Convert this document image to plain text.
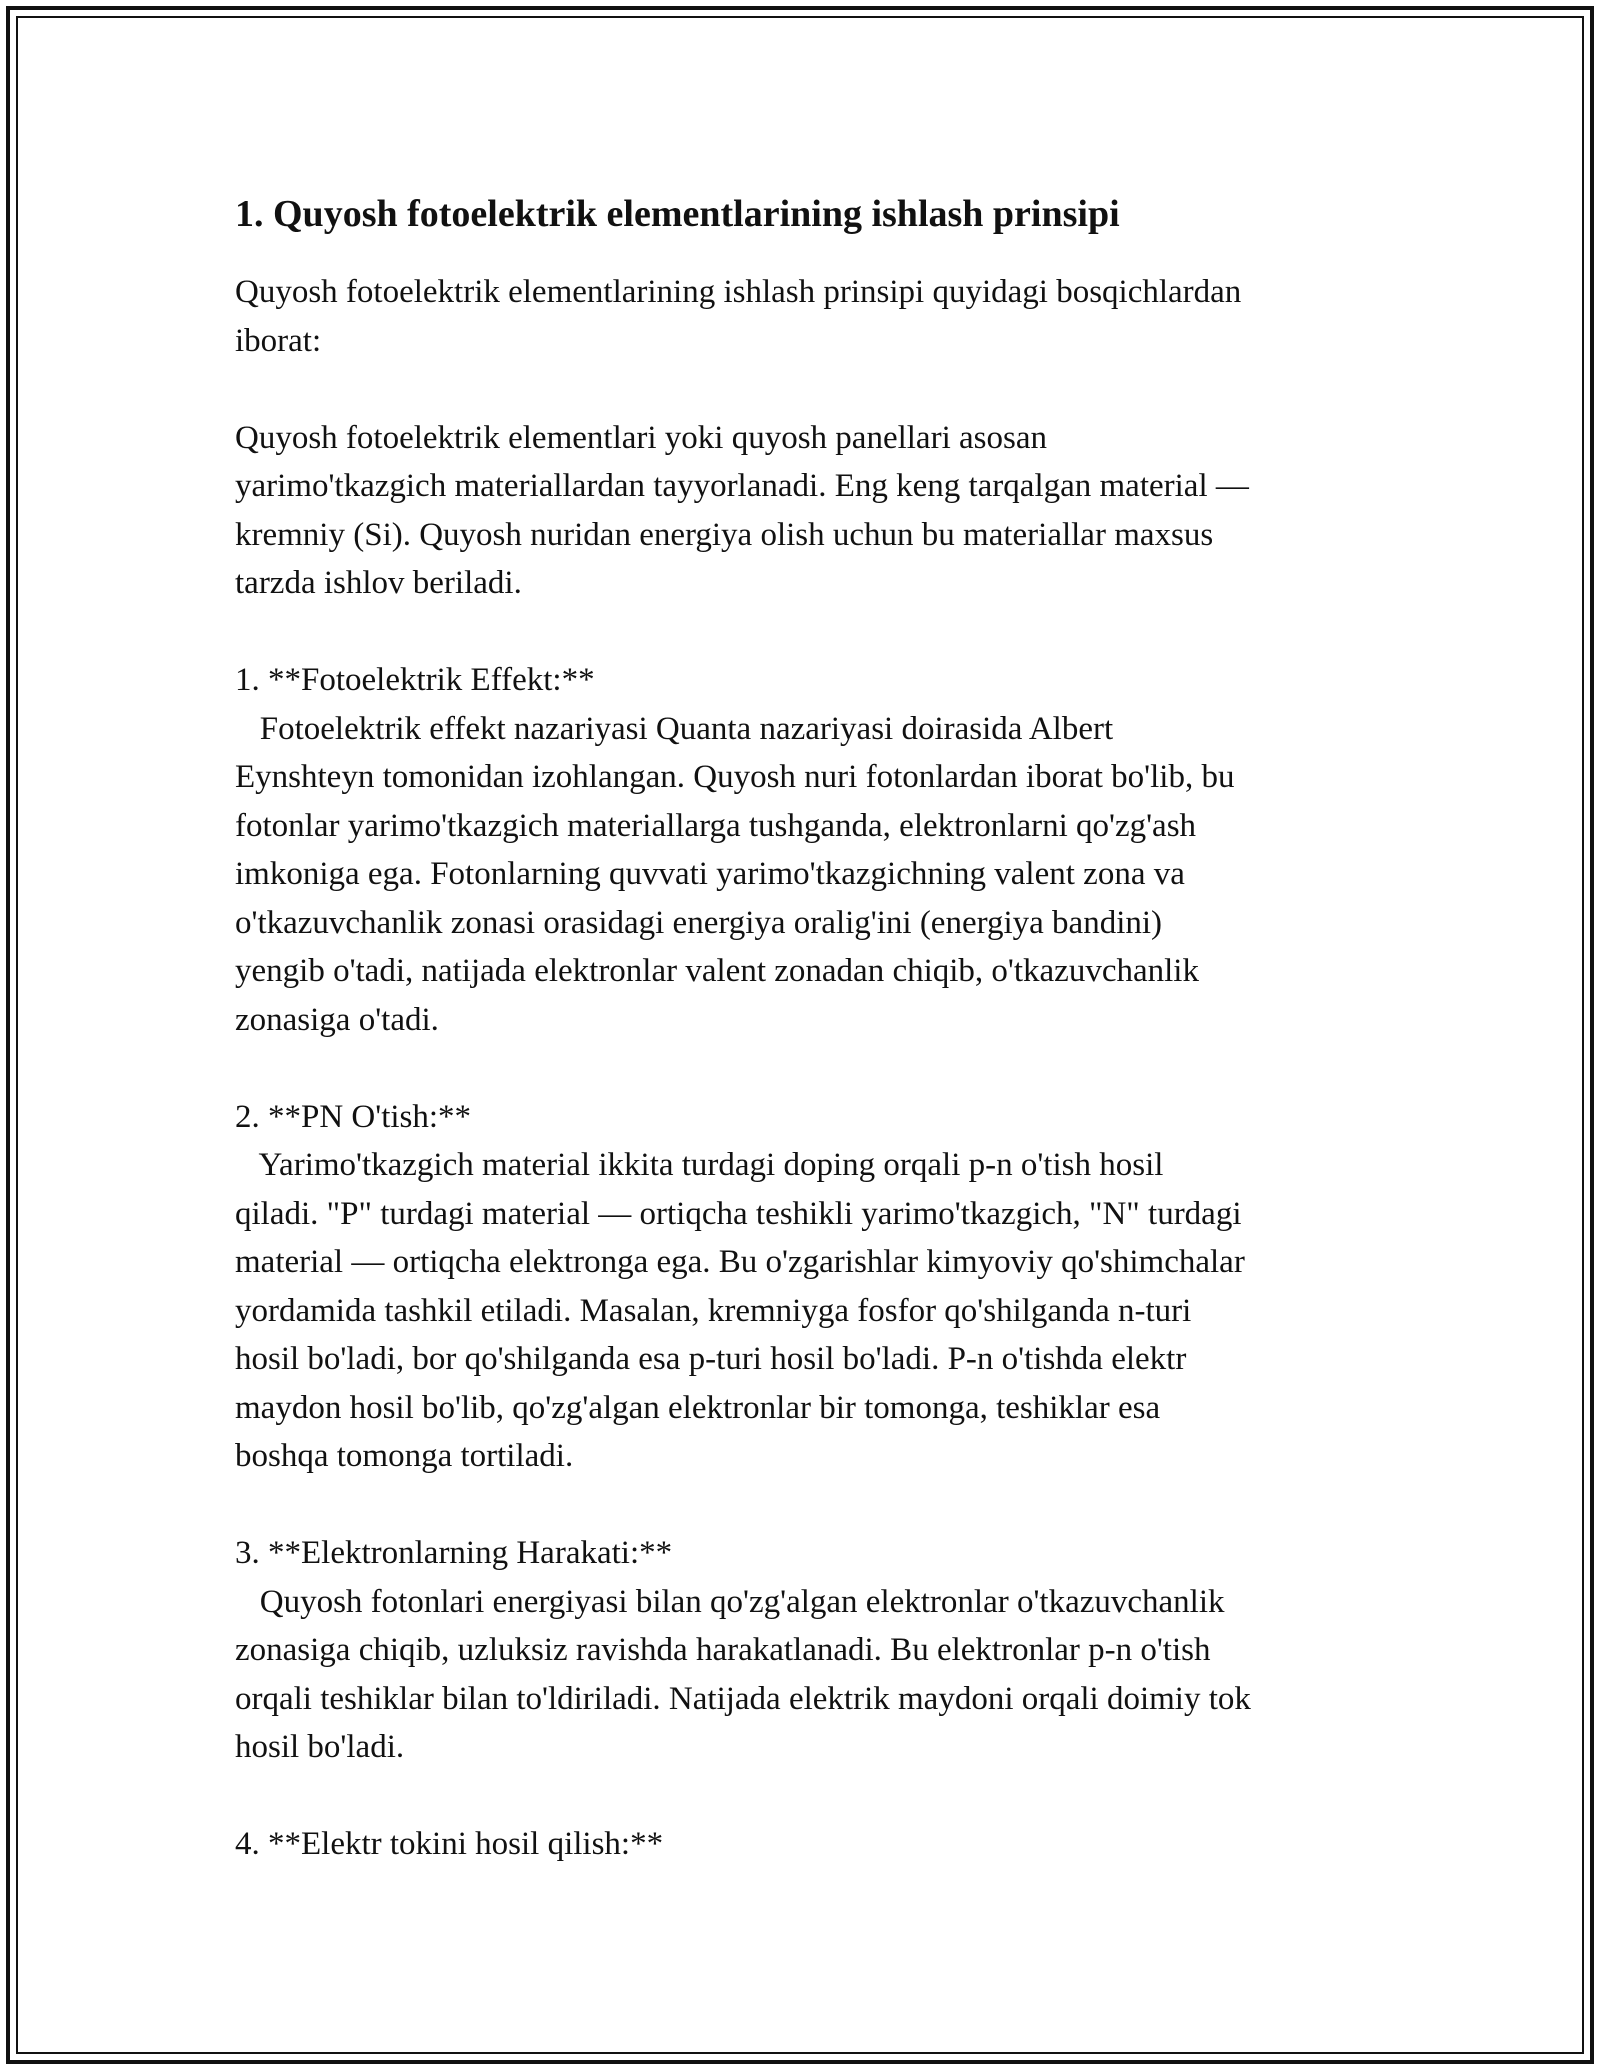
1. Quyosh fotoelektrik elementlarining ishlash prinsipi

Quyosh fotoelektrik elementlarining ishlash prinsipi quyidagi bosqichlardan

iborat:

Quyosh fotoelektrik elementlari yoki quyosh panellari asosan

yarimo'tkazgich materiallardan tayyorlanadi. Eng keng tarqalgan material —

kremniy (Si). Quyosh nuridan energiya olish uchun bu materiallar maxsus

tarzda ishlov beriladi.

1. **Fotoelektrik Effekt:**

Fotoelektrik effekt nazariyasi Quanta nazariyasi doirasida Albert

Eynshteyn tomonidan izohlangan. Quyosh nuri fotonlardan iborat bo'lib, bu

fotonlar yarimo'tkazgich materiallarga tushganda, elektronlarni qo'zg'ash

imkoniga ega. Fotonlarning quvvati yarimo'tkazgichning valent zona va

o'tkazuvchanlik zonasi orasidagi energiya oralig'ini (energiya bandini)

yengib o'tadi, natijada elektronlar valent zonadan chiqib, o'tkazuvchanlik

zonasiga o'tadi.

2. **PN O'tish:**

Yarimo'tkazgich material ikkita turdagi doping orqali p-n o'tish hosil

qiladi. "P" turdagi material — ortiqcha teshikli yarimo'tkazgich, "N" turdagi

material — ortiqcha elektronga ega. Bu o'zgarishlar kimyoviy qo'shimchalar

yordamida tashkil etiladi. Masalan, kremniyga fosfor qo'shilganda n-turi

hosil bo'ladi, bor qo'shilganda esa p-turi hosil bo'ladi. P-n o'tishda elektr

maydon hosil bo'lib, qo'zg'algan elektronlar bir tomonga, teshiklar esa

boshqa tomonga tortiladi.

3. **Elektronlarning Harakati:**

Quyosh fotonlari energiyasi bilan qo'zg'algan elektronlar o'tkazuvchanlik

zonasiga chiqib, uzluksiz ravishda harakatlanadi. Bu elektronlar p-n o'tish

orqali teshiklar bilan to'ldiriladi. Natijada elektrik maydoni orqali doimiy tok

hosil bo'ladi.

4. **Elektr tokini hosil qilish:**
